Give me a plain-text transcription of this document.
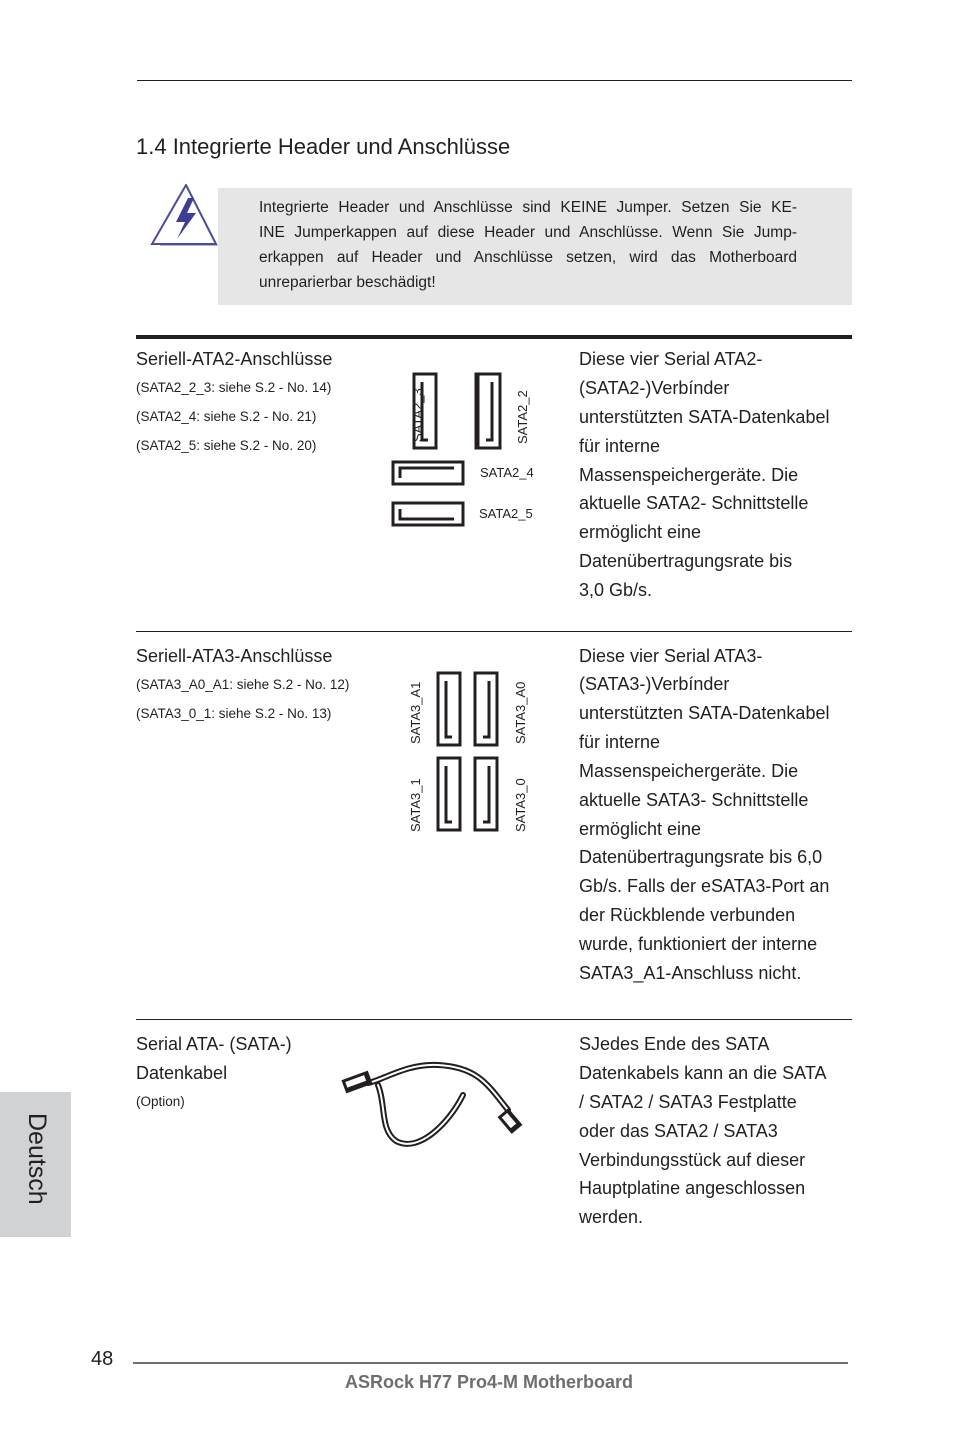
1.4 Integrierte Header und Anschlüsse
Integrierte Header und Anschlüsse sind KEINE Jumper. Setzen Sie KE-
INE Jumperkappen auf diese Header und Anschlüsse. Wenn Sie Jump-
erkappen auf Header und Anschlüsse setzen, wird das Motherboard
unreparierbar beschädigt!
Seriell-ATA2-Anschlüsse
(SATA2_2_3: siehe S.2 - No. 14)
(SATA2_4: siehe S.2 - No. 21)
(SATA2_5: siehe S.2 - No. 20)
SATA2_3	SATA2_2
SATA2_4
SATA2_5
Diese vier Serial ATA2-
(SATA2-)Verbínder
unterstützten SATA-Datenkabel
für interne
Massenspeichergeräte. Die
aktuelle SATA2- Schnittstelle
ermöglicht eine
Datenübertragungsrate bis
3,0 Gb/s.
Seriell-ATA3-Anschlüsse
(SATA3_A0_A1: siehe S.2 - No. 12)
(SATA3_0_1: siehe S.2 - No. 13)	SATA3_A1	SATA3_A0
SATA3_1	SATA3_0
Diese vier Serial ATA3-
(SATA3-)Verbínder
unterstützten SATA-Datenkabel
für interne
Massenspeichergeräte. Die
aktuelle SATA3- Schnittstelle
ermöglicht eine
Datenübertragungsrate bis 6,0
Gb/s. Falls der eSATA3-Port an
der Rückblende verbunden
wurde, funktioniert der interne
SATA3_A1-Anschluss nicht.
Serial ATA- (SATA-)
Datenkabel
(Option)
SJedes Ende des SATA
Datenkabels kann an die SATA
/ SATA2 / SATA3 Festplatte
oder das SATA2 / SATA3
Verbindungsstück auf dieser
Hauptplatine angeschlossen
werden.
Deutsch
48
ASRock H77 Pro4-M Motherboard
